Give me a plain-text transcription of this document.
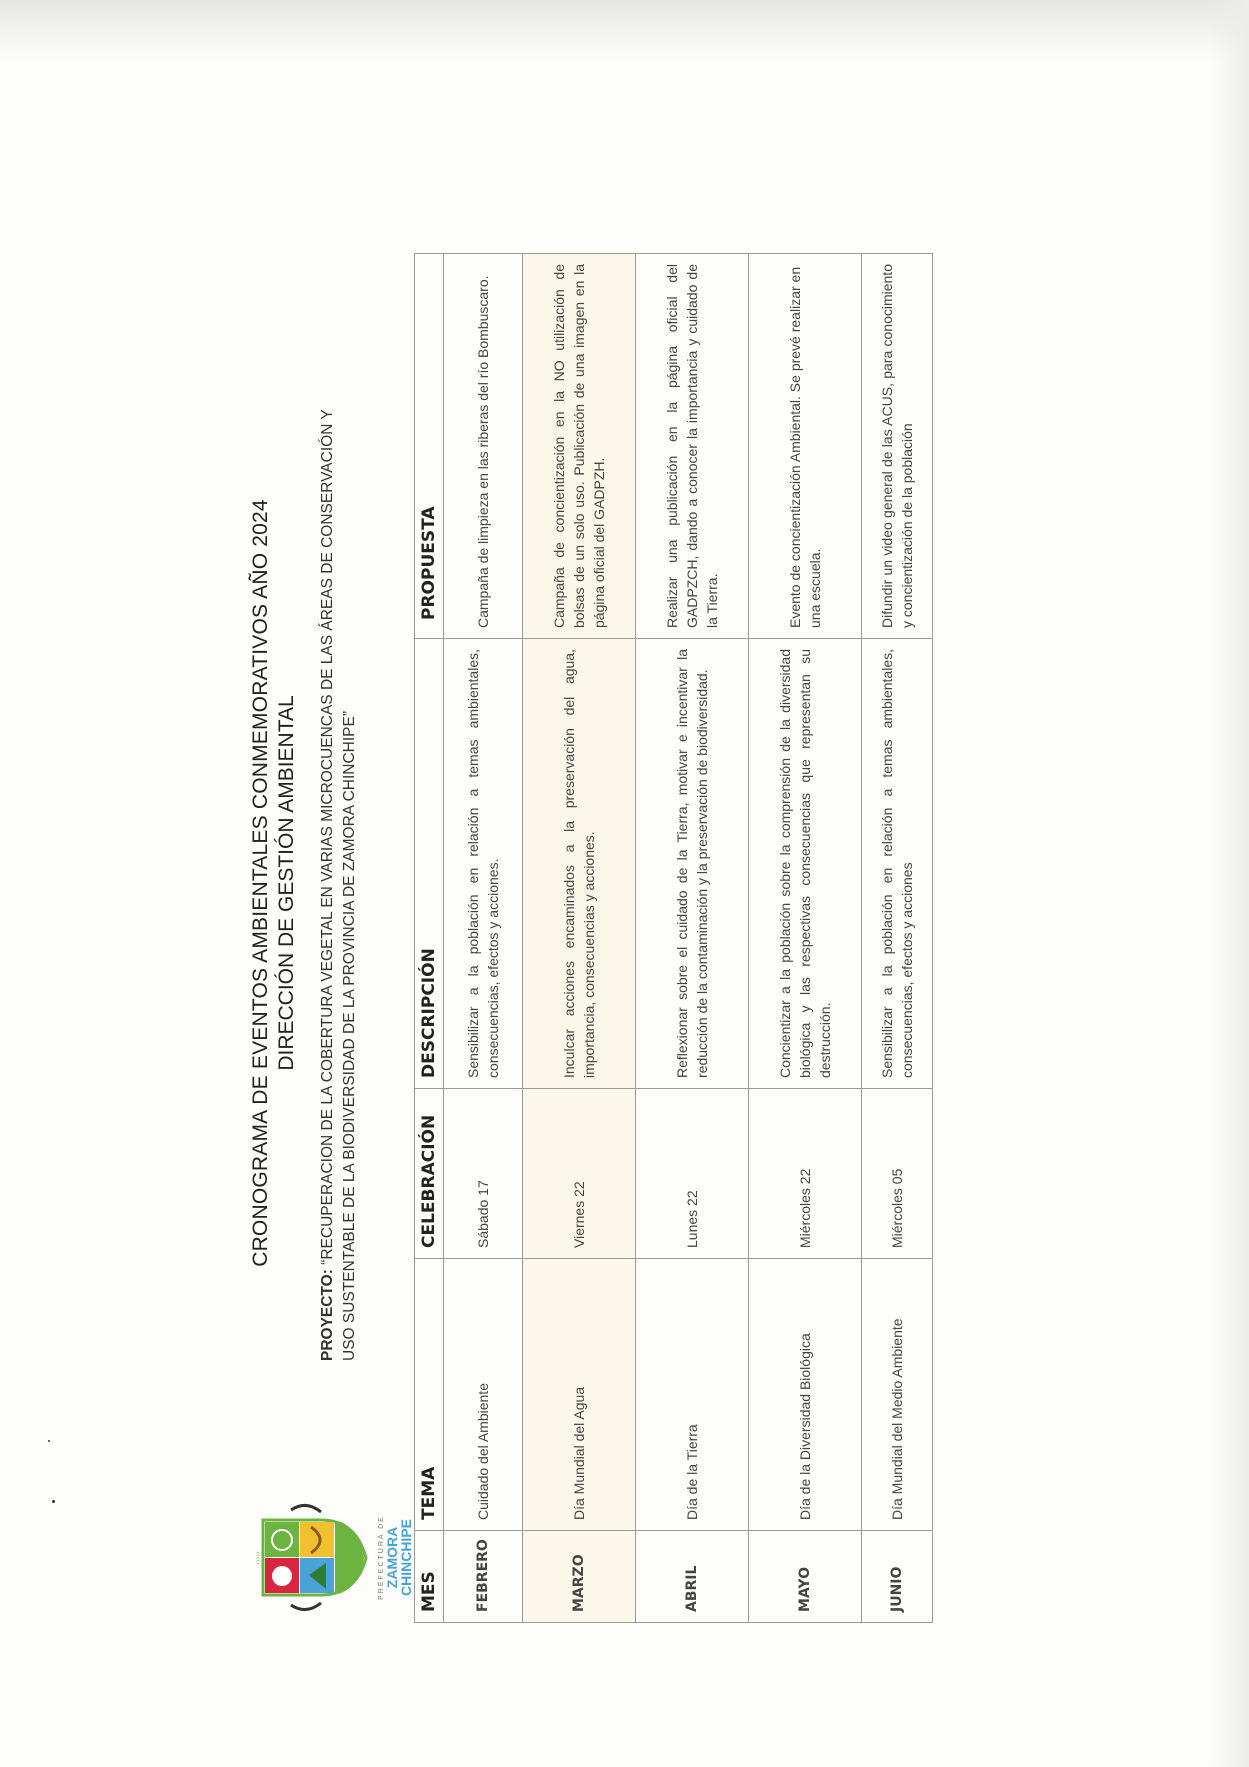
›››››	PREFECTURA DE ZAMORA
CHINCHIPE
CRONOGRAMA DE EVENTOS AMBIENTALES CONMEMORATIVOS AÑO 2024 DIRECCIÓN DE GESTIÓN AMBIENTAL
PROYECTO: “RECUPERACION DE LA COBERTURA VEGETAL EN VARIAS MICROCUENCAS DE LAS ÁREAS DE CONSERVACIÓN Y USO SUSTENTABLE DE LA BIODIVERSIDAD DE LA PROVINCIA DE ZAMORA CHINCHIPE”
MES	TEMA	CELEBRACIÓN	DESCRIPCIÓN	PROPUESTA

FEBRERO	Cuidado del Ambiente	Sábado 17	Sensibilizar a la población en relación a temas ambientales, consecuencias, efectos y acciones.	Campaña de limpieza en las riberas del río Bombuscaro.
MARZO	Día Mundial del Agua	Viernes 22	Inculcar acciones encaminados a la preservación del agua, importancia, consecuencias y acciones.	Campaña de concientización en la NO utilización de bolsas de un solo uso. Publicación de una imagen en la página oficial del GADPZH.
ABRIL	Día de la Tierra	Lunes 22	Reflexionar sobre el cuidado de la Tierra, motivar e incentivar la reducción de la contaminación y la preservación de biodiversidad.	Realizar una publicación en la página oficial del GADPZCH, dando a conocer la importancia y cuidado de la Tierra.
MAYO	Día de la Diversidad Biológica	Miércoles 22	Concientizar a la población sobre la comprensión de la diversidad biológica y las respectivas consecuencias que representan su destrucción.	Evento de concientización Ambiental. Se prevé realizar en una escuela.
JUNIO	Día Mundial del Medio Ambiente	Miércoles 05	Sensibilizar a la población en relación a temas ambientales, consecuencias, efectos y acciones	Difundir un video general de las ACUS, para conocimiento y concientización de la población
